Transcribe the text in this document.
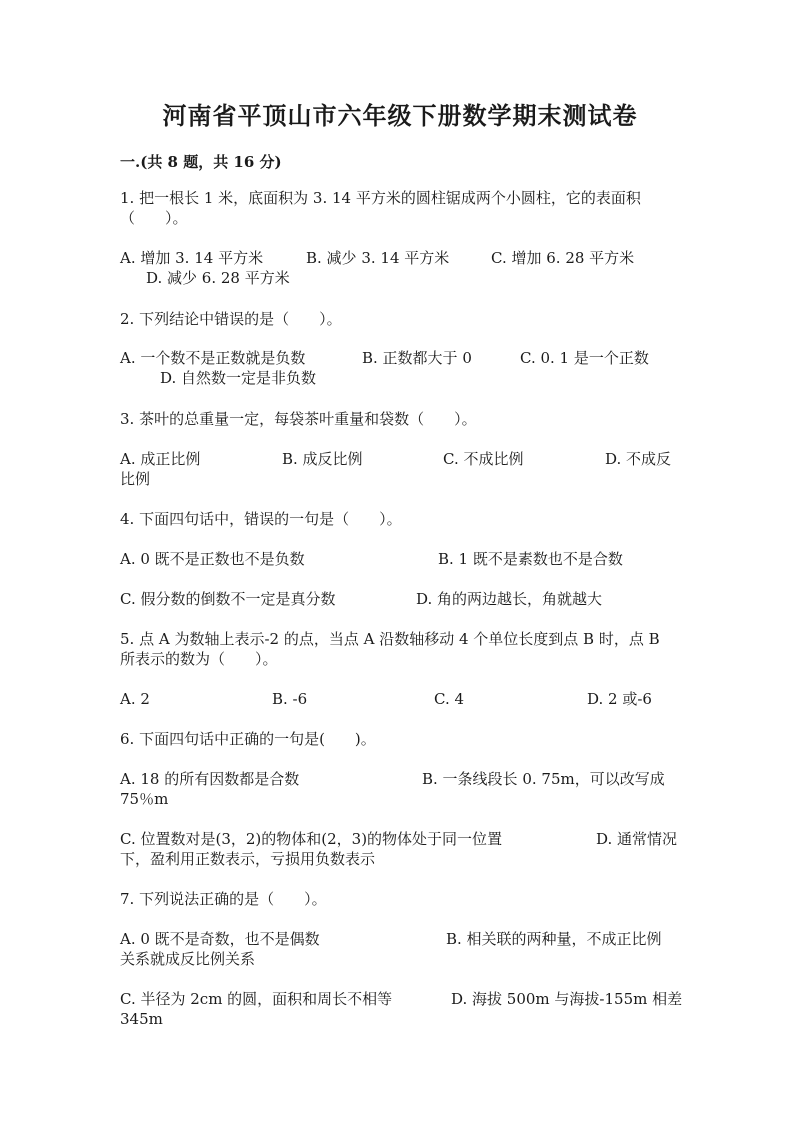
河南省平顶山市六年级下册数学期末测试卷
一.(共 8 题，共 16 分)
1. 把一根长 1 米，底面积为 3. 14 平方米的圆柱锯成两个小圆柱，它的表面积
（　　）。
A. 增加 3. 14 平方米	B. 减少 3. 14 平方米	C. 增加 6. 28 平方米
D. 减少 6. 28 平方米
2. 下列结论中错误的是（　　）。
A. 一个数不是正数就是负数	B. 正数都大于 0	C. 0. 1 是一个正数
D. 自然数一定是非负数
3. 茶叶的总重量一定，每袋茶叶重量和袋数（　　）。
A. 成正比例	B. 成反比例	C. 不成比例	D. 不成反
比例
4. 下面四句话中，错误的一句是（　　）。
A. 0 既不是正数也不是负数	B. 1 既不是素数也不是合数
C. 假分数的倒数不一定是真分数	D. 角的两边越长，角就越大
5. 点 A 为数轴上表示-2 的点，当点 A 沿数轴移动 4 个单位长度到点 B 时，点 B
所表示的数为（　　）。
A. 2	B. -6	C. 4	D. 2 或-6
6. 下面四句话中正确的一句是(　　)。
A. 18 的所有因数都是合数	B. 一条线段长 0. 75m，可以改写成
75％m
C. 位置数对是(3，2)的物体和(2，3)的物体处于同一位置	D. 通常情况
下，盈利用正数表示，亏损用负数表示
7. 下列说法正确的是（　　）。
A. 0 既不是奇数，也不是偶数	B. 相关联的两种量，不成正比例
关系就成反比例关系
C. 半径为 2cm 的圆，面积和周长不相等	D. 海拔 500m 与海拔-155m 相差
345m
